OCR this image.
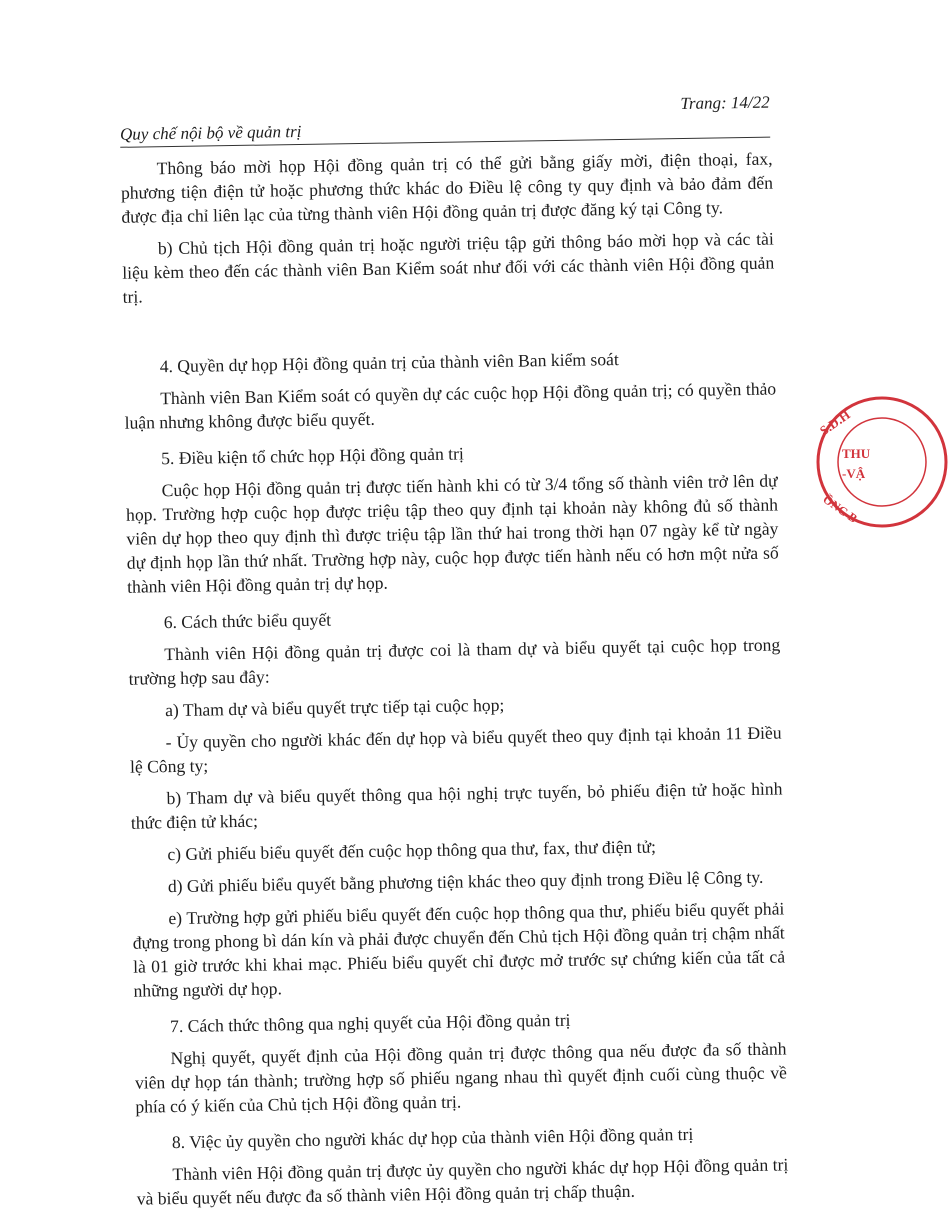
Trang: 14/22
Quy chế nội bộ về quản trị

Thông báo mời họp Hội đồng quản trị có thể gửi bằng giấy mời, điện thoại, fax, phương tiện điện tử hoặc phương thức khác do Điều lệ công ty quy định và bảo đảm đến được địa chỉ liên lạc của từng thành viên Hội đồng quản trị được đăng ký tại Công ty.

b) Chủ tịch Hội đồng quản trị hoặc người triệu tập gửi thông báo mời họp và các tài liệu kèm theo đến các thành viên Ban Kiểm soát như đối với các thành viên Hội đồng quản trị.

4. Quyền dự họp Hội đồng quản trị của thành viên Ban kiểm soát

Thành viên Ban Kiểm soát có quyền dự các cuộc họp Hội đồng quản trị; có quyền thảo luận nhưng không được biểu quyết.

5. Điều kiện tổ chức họp Hội đồng quản trị

Cuộc họp Hội đồng quản trị được tiến hành khi có từ 3/4 tổng số thành viên trở lên dự họp. Trường hợp cuộc họp được triệu tập theo quy định tại khoản này không đủ số thành viên dự họp theo quy định thì được triệu tập lần thứ hai trong thời hạn 07 ngày kể từ ngày dự định họp lần thứ nhất. Trường hợp này, cuộc họp được tiến hành nếu có hơn một nửa số thành viên Hội đồng quản trị dự họp.

6. Cách thức biểu quyết

Thành viên Hội đồng quản trị được coi là tham dự và biểu quyết tại cuộc họp trong trường hợp sau đây:

a) Tham dự và biểu quyết trực tiếp tại cuộc họp;

- Ủy quyền cho người khác đến dự họp và biểu quyết theo quy định tại khoản 11 Điều lệ Công ty;

b) Tham dự và biểu quyết thông qua hội nghị trực tuyến, bỏ phiếu điện tử hoặc hình thức điện tử khác;

c) Gửi phiếu biểu quyết đến cuộc họp thông qua thư, fax, thư điện tử;

d) Gửi phiếu biểu quyết bằng phương tiện khác theo quy định trong Điều lệ Công ty.

e) Trường hợp gửi phiếu biểu quyết đến cuộc họp thông qua thư, phiếu biểu quyết phải đựng trong phong bì dán kín và phải được chuyển đến Chủ tịch Hội đồng quản trị chậm nhất là 01 giờ trước khi khai mạc. Phiếu biểu quyết chỉ được mở trước sự chứng kiến của tất cả những người dự họp.

7. Cách thức thông qua nghị quyết của Hội đồng quản trị

Nghị quyết, quyết định của Hội đồng quản trị được thông qua nếu được đa số thành viên dự họp tán thành; trường hợp số phiếu ngang nhau thì quyết định cuối cùng thuộc về phía có ý kiến của Chủ tịch Hội đồng quản trị.

8. Việc ủy quyền cho người khác dự họp của thành viên Hội đồng quản trị

Thành viên Hội đồng quản trị được ủy quyền cho người khác dự họp Hội đồng quản trị và biểu quyết nếu được đa số thành viên Hội đồng quản trị chấp thuận.

S.D.H
THU
-VẬ
ỒNG B
